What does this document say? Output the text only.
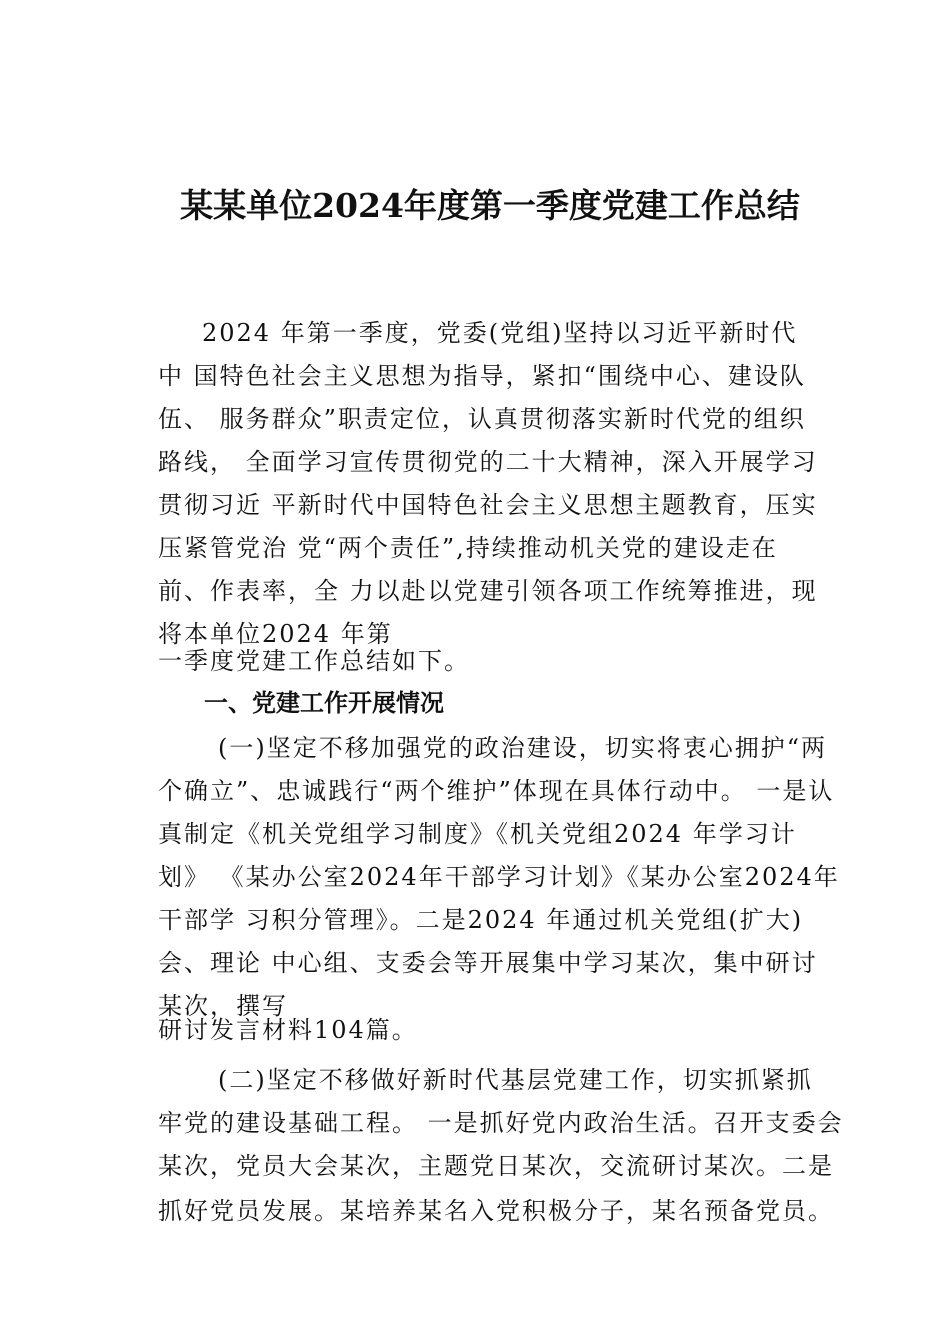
某某单位2024年度第一季度党建工作总结
2024 年第一季度，党委(党组)坚持以习近平新时代
中 国特色社会主义思想为指导，紧扣“围绕中心、建设队
伍、 服务群众”职责定位，认真贯彻落实新时代党的组织
路线， 全面学习宣传贯彻党的二十大精神，深入开展学习
贯彻习近 平新时代中国特色社会主义思想主题教育，压实
压紧管党治 党“两个责任”,持续推动机关党的建设走在
前、作表率，全 力以赴以党建引领各项工作统筹推进，现
将本单位2024 年第
一季度党建工作总结如下。
一、党建工作开展情况
(一)坚定不移加强党的政治建设，切实将衷心拥护“两
个确立”、忠诚践行“两个维护”体现在具体行动中。 一是认
真制定《机关党组学习制度》《机关党组2024 年学习计
划》 《某办公室2024年干部学习计划》《某办公室2024年
干部学 习积分管理》。二是2024 年通过机关党组(扩大)
会、理论 中心组、支委会等开展集中学习某次，集中研讨
某次，撰写
研讨发言材料104篇。
(二)坚定不移做好新时代基层党建工作，切实抓紧抓
牢党的建设基础工程。 一是抓好党内政治生活。召开支委会
某次，党员大会某次，主题党日某次，交流研讨某次。二是
抓好党员发展。某培养某名入党积极分子，某名预备党员。
